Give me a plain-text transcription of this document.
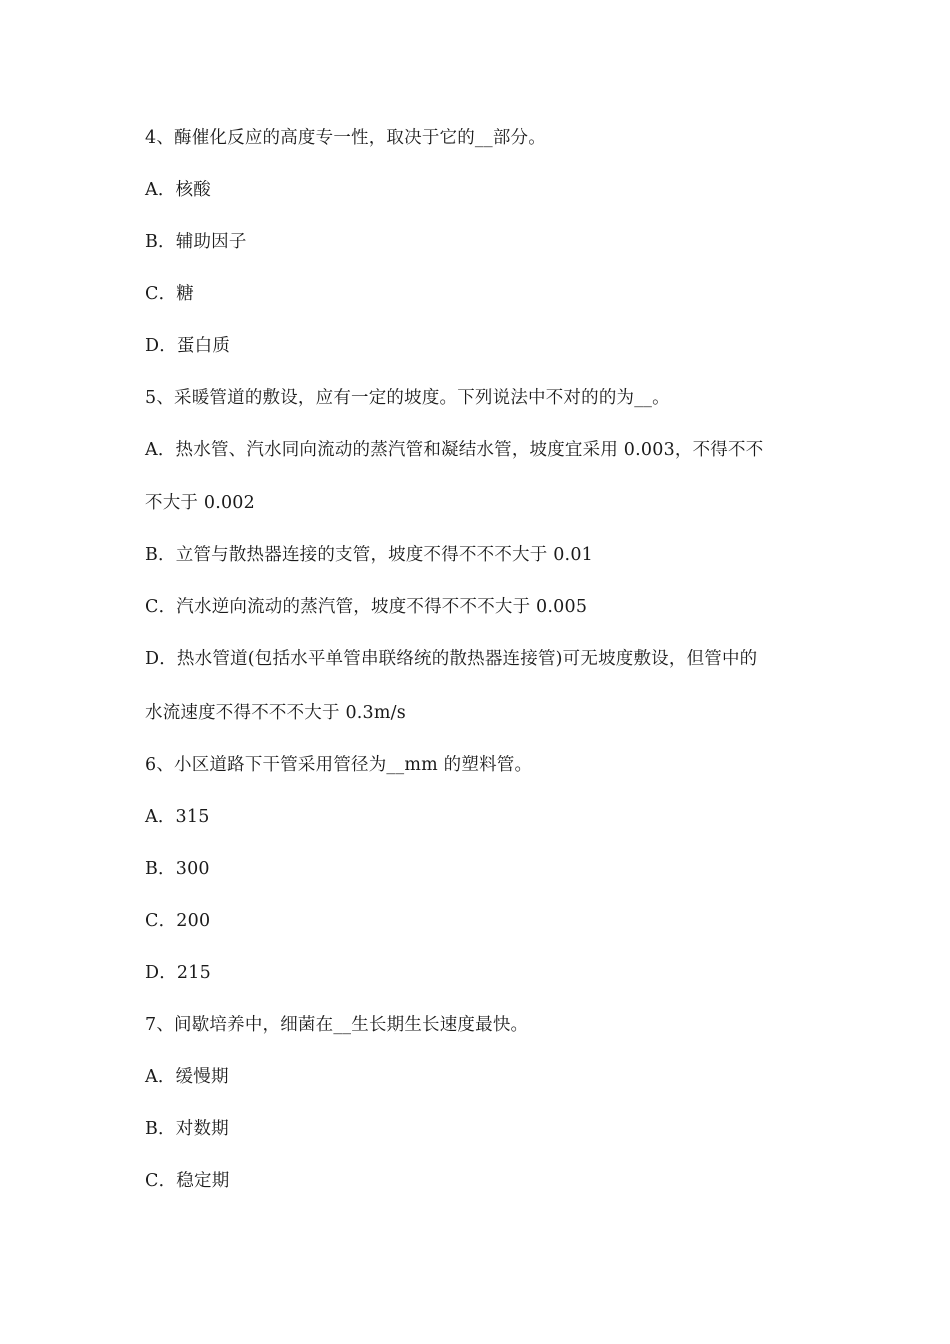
4、酶催化反应的高度专一性，取决于它的__部分。
A．核酸
B．辅助因子
C．糖
D．蛋白质
5、采暖管道的敷设，应有一定的坡度。下列说法中不对的的为__。
A．热水管、汽水同向流动的蒸汽管和凝结水管，坡度宜采用 0.003，不得不不
不大于 0.002
B．立管与散热器连接的支管，坡度不得不不不大于 0.01
C．汽水逆向流动的蒸汽管，坡度不得不不不大于 0.005
D．热水管道(包括水平单管串联络统的散热器连接管)可无坡度敷设，但管中的
水流速度不得不不不大于 0.3m/s
6、小区道路下干管采用管径为__mm 的塑料管。
A．315
B．300
C．200
D．215
7、间歇培养中，细菌在__生长期生长速度最快。
A．缓慢期
B．对数期
C．稳定期
